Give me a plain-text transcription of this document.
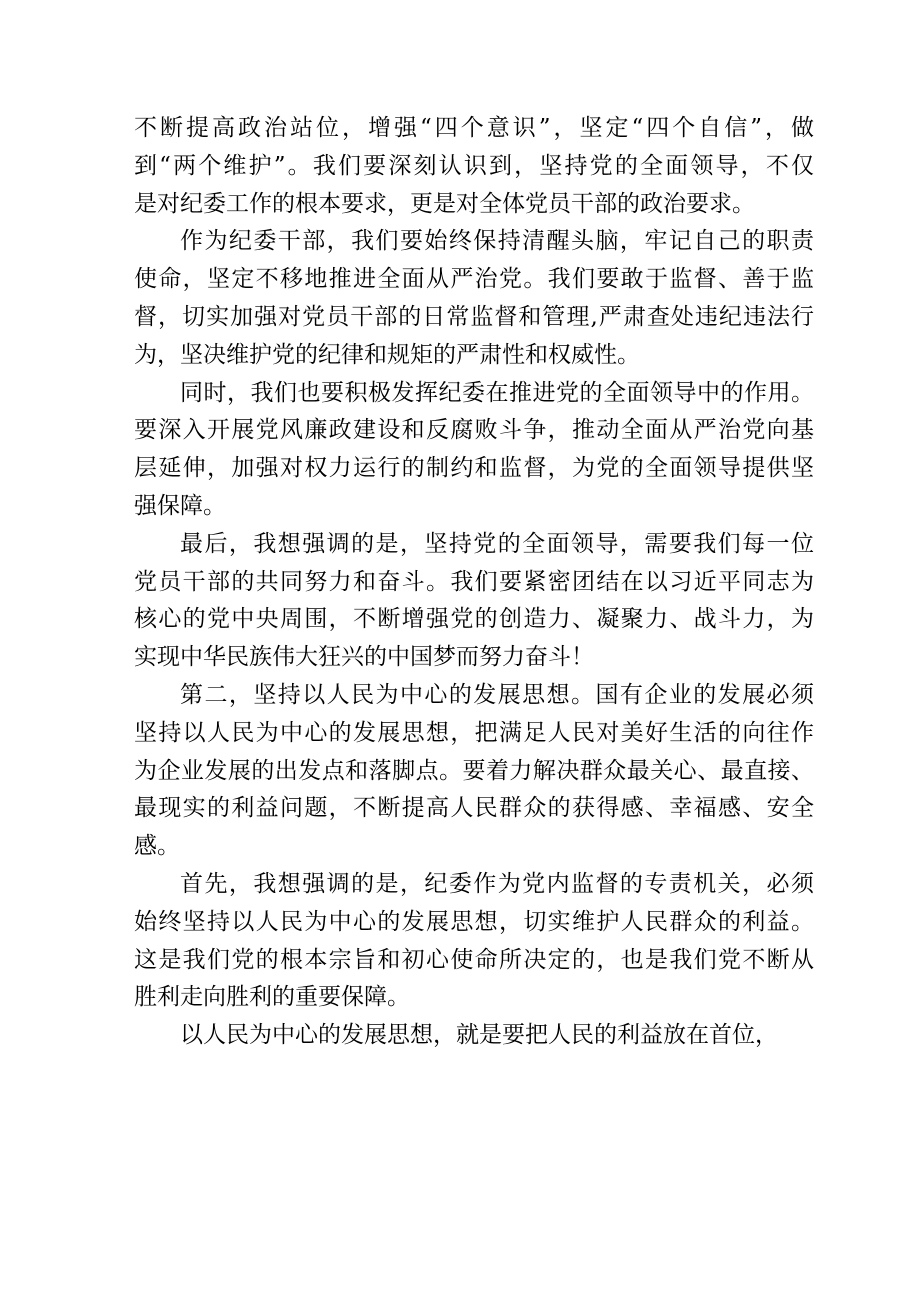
不断提高政治站位，增强“四个意识”，坚定“四个自信”，做
到“两个维护”。我们要深刻认识到，坚持党的全面领导，不仅
是对纪委工作的根本要求，更是对全体党员干部的政治要求。
作为纪委干部，我们要始终保持清醒头脑，牢记自己的职责
使命，坚定不移地推进全面从严治党。我们要敢于监督、善于监
督，切实加强对党员干部的日常监督和管理,严肃查处违纪违法行
为，坚决维护党的纪律和规矩的严肃性和权威性。
同时，我们也要积极发挥纪委在推进党的全面领导中的作用。
要深入开展党风廉政建设和反腐败斗争，推动全面从严治党向基
层延伸，加强对权力运行的制约和监督，为党的全面领导提供坚
强保障。
最后，我想强调的是，坚持党的全面领导，需要我们每一位
党员干部的共同努力和奋斗。我们要紧密团结在以习近平同志为
核心的党中央周围，不断增强党的创造力、凝聚力、战斗力，为
实现中华民族伟大狂兴的中国梦而努力奋斗！
第二，坚持以人民为中心的发展思想。国有企业的发展必须
坚持以人民为中心的发展思想，把满足人民对美好生活的向往作
为企业发展的出发点和落脚点。要着力解决群众最关心、最直接、
最现实的利益问题，不断提高人民群众的获得感、幸福感、安全
感。
首先，我想强调的是，纪委作为党内监督的专责机关，必须
始终坚持以人民为中心的发展思想，切实维护人民群众的利益。
这是我们党的根本宗旨和初心使命所决定的，也是我们党不断从
胜利走向胜利的重要保障。
以人民为中心的发展思想，就是要把人民的利益放在首位，
